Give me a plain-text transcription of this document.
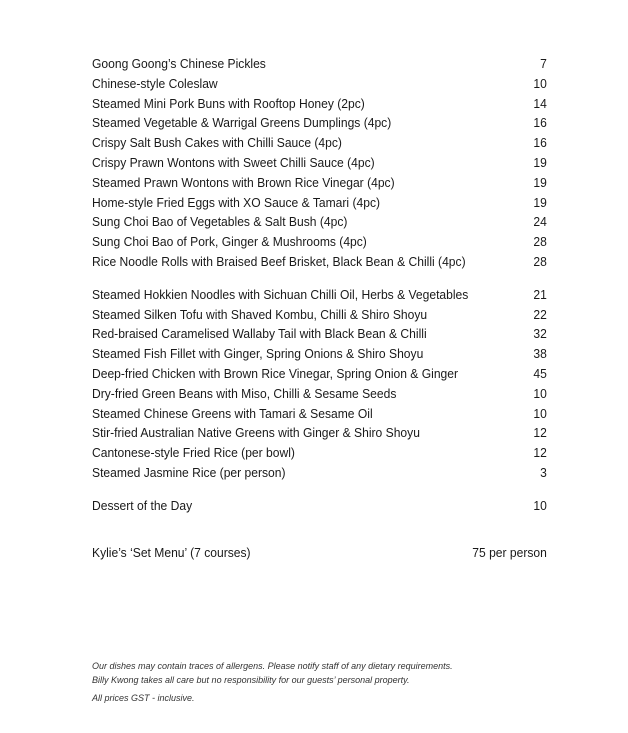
Goong Goong’s Chinese Pickles	7
Chinese-style Coleslaw	10
Steamed Mini Pork Buns with Rooftop Honey (2pc)	14
Steamed Vegetable & Warrigal Greens Dumplings (4pc)	16
Crispy Salt Bush Cakes with Chilli Sauce (4pc)	16
Crispy Prawn Wontons with Sweet Chilli Sauce (4pc)	19
Steamed Prawn Wontons with Brown Rice Vinegar (4pc)	19
Home-style Fried Eggs with XO Sauce & Tamari (4pc)	19
Sung Choi Bao of Vegetables & Salt Bush (4pc)	24
Sung Choi Bao of Pork, Ginger & Mushrooms (4pc)	28
Rice Noodle Rolls with Braised Beef Brisket, Black Bean & Chilli (4pc)	28
Steamed Hokkien Noodles with Sichuan Chilli Oil, Herbs & Vegetables	21
Steamed Silken Tofu with Shaved Kombu, Chilli & Shiro Shoyu	22
Red-braised Caramelised Wallaby Tail with Black Bean & Chilli	32
Steamed Fish Fillet with Ginger, Spring Onions & Shiro Shoyu	38
Deep-fried Chicken with Brown Rice Vinegar, Spring Onion & Ginger	45
Dry-fried Green Beans with Miso, Chilli & Sesame Seeds	10
Steamed Chinese Greens with Tamari & Sesame Oil	10
Stir-fried Australian Native Greens with Ginger & Shiro Shoyu	12
Cantonese-style Fried Rice (per bowl)	12
Steamed Jasmine Rice (per person)	3
Dessert of the Day	10
Kylie’s ‘Set Menu’ (7 courses)	75 per person
Our dishes may contain traces of allergens. Please notify staff of any dietary requirements.
Billy Kwong takes all care but no responsibility for our guests’ personal property.
All prices GST - inclusive.
